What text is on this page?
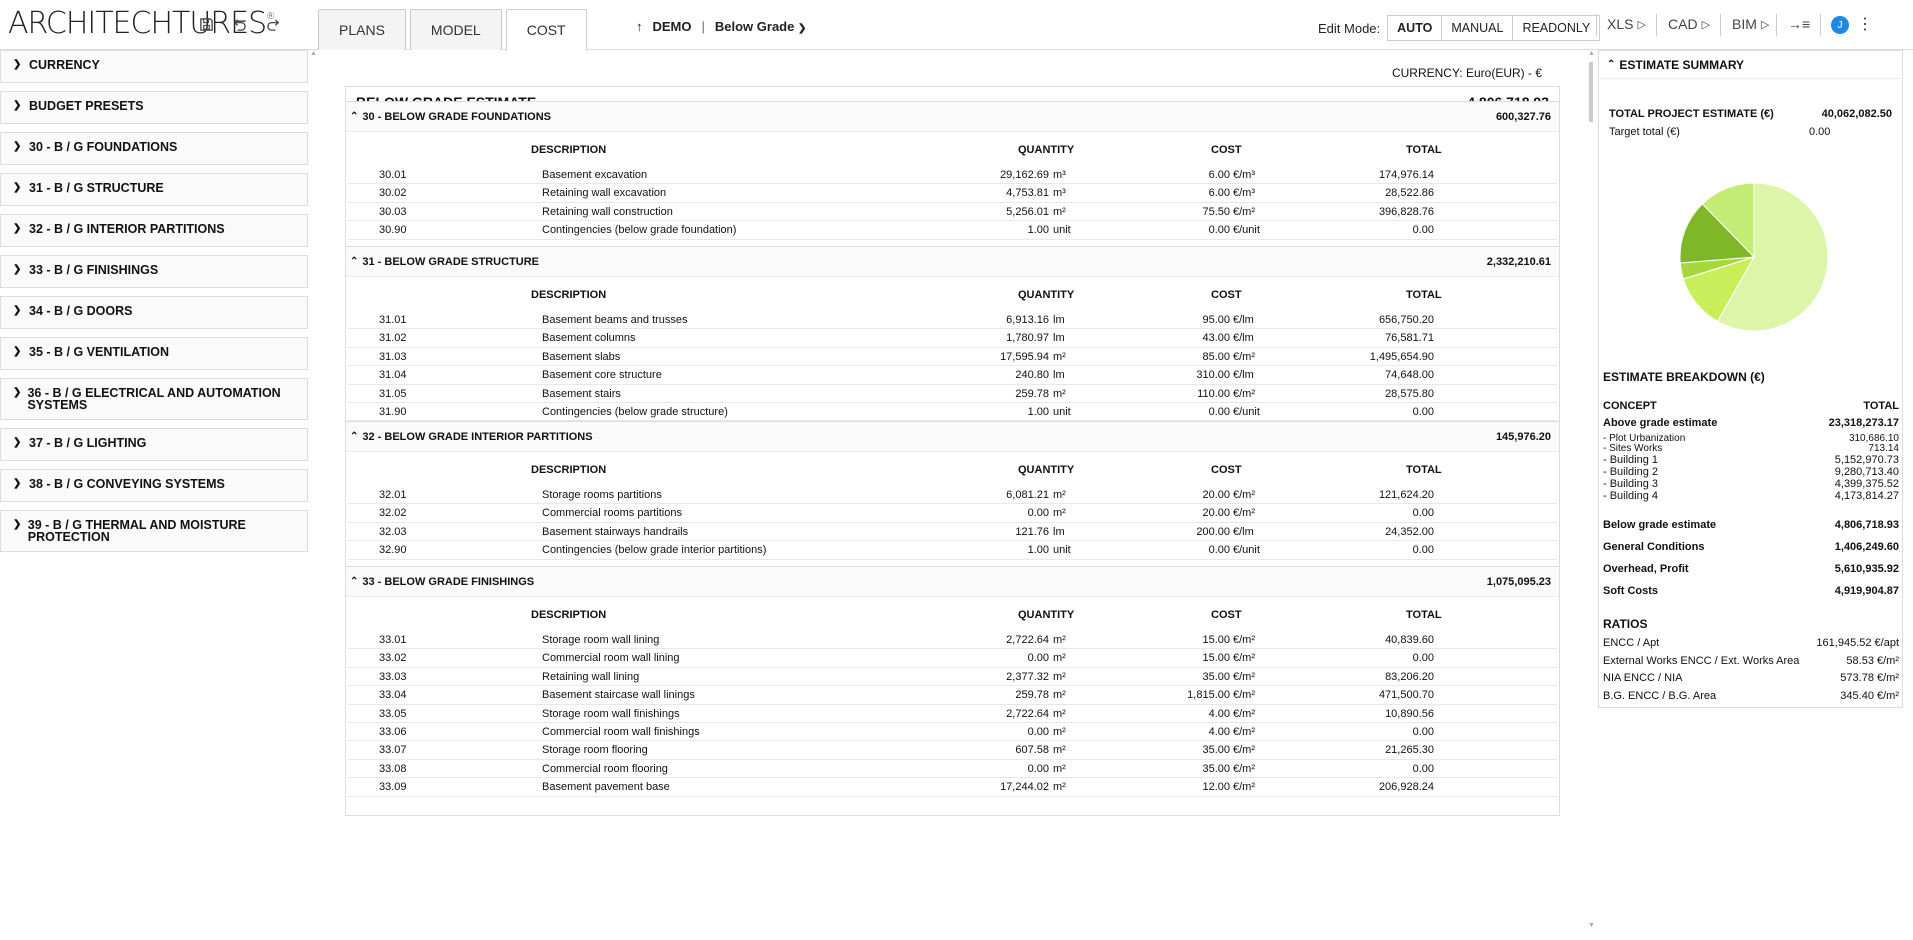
ARCHITECHTURES®
PLANS	MODEL	COST	↑ DEMO | Below Grade ❯	Edit Mode:	AUTO	MANUAL	READONLY	XLS ▷ CAD ▷ BIM ▷ →≡	J ⋮
❯ CURRENCY
❯ BUDGET PRESETS
❯ 30 - B / G FOUNDATIONS
❯ 31 - B / G STRUCTURE
❯ 32 - B / G INTERIOR PARTITIONS
❯ 33 - B / G FINISHINGS
❯ 34 - B / G DOORS
❯ 35 - B / G VENTILATION
❯ 36 - B / G ELECTRICAL AND AUTOMATION SYSTEMS
❯ 37 - B / G LIGHTING
❯ 38 - B / G CONVEYING SYSTEMS
❯ 39 - B / G THERMAL AND MOISTURE PROTECTION
▲
CURRENCY: Euro(EUR) - €
⌃ 30 - BELOW GRADE FOUNDATIONS	600,327.76
DESCRIPTION	QUANTITY	COST	TOTAL
30.01	Basement excavation	29,162.69 m³	6.00 €/m³	174,976.14
30.02	Retaining wall excavation	4,753.81 m³	6.00 €/m³	28,522.86
30.03	Retaining wall construction	5,256.01 m²	75.50 €/m²	396,828.76
30.90	Contingencies (below grade foundation)	1.00 unit	0.00 €/unit	0.00
⌃ 31 - BELOW GRADE STRUCTURE	2,332,210.61
DESCRIPTION	QUANTITY	COST	TOTAL
31.01	Basement beams and trusses	6,913.16 lm	95.00 €/lm	656,750.20
31.02	Basement columns	1,780.97 lm	43.00 €/lm	76,581.71
31.03	Basement slabs	17,595.94 m²	85.00 €/m²	1,495,654.90
31.04	Basement core structure	240.80 lm	310.00 €/lm	74,648.00
31.05	Basement stairs	259.78 m²	110.00 €/m²	28,575.80
31.90	Contingencies (below grade structure)	1.00 unit	0.00 €/unit	0.00
⌃ 32 - BELOW GRADE INTERIOR PARTITIONS	145,976.20
DESCRIPTION	QUANTITY	COST	TOTAL
32.01	Storage rooms partitions	6,081.21 m²	20.00 €/m²	121,624.20
32.02	Commercial rooms partitions	0.00 m²	20.00 €/m²	0.00
32.03	Basement stairways handrails	121.76 lm	200.00 €/lm	24,352.00
32.90	Contingencies (below grade interior partitions)	1.00 unit	0.00 €/unit	0.00
⌃ 33 - BELOW GRADE FINISHINGS	1,075,095.23
DESCRIPTION	QUANTITY	COST	TOTAL
33.01	Storage room wall lining	2,722.64 m²	15.00 €/m²	40,839.60
33.02	Commercial room wall lining	0.00 m²	15.00 €/m²	0.00
33.03	Retaining wall lining	2,377.32 m²	35.00 €/m²	83,206.20
33.04	Basement staircase wall linings	259.78 m²	1,815.00 €/m²	471,500.70
33.05	Storage room wall finishings	2,722.64 m²	4.00 €/m²	10,890.56
33.06	Commercial room wall finishings	0.00 m²	4.00 €/m²	0.00
33.07	Storage room flooring	607.58 m²	35.00 €/m²	21,265.30
33.08	Commercial room flooring	0.00 m²	35.00 €/m²	0.00
33.09	Basement pavement base	17,244.02 m²	12.00 €/m²	206,928.24
▲
▼
⌃ ESTIMATE SUMMARY
TOTAL PROJECT ESTIMATE (€)	40,062,082.50
Target total (€)	0.00
ESTIMATE BREAKDOWN (€)
CONCEPT	TOTAL
Above grade estimate	23,318,273.17
- Plot Urbanization	310,686.10
- Sites Works	713.14
- Building 1	5,152,970.73
- Building 2	9,280,713.40
- Building 3	4,399,375.52
- Building 4	4,173,814.27
Below grade estimate	4,806,718.93
General Conditions	1,406,249.60
Overhead, Profit	5,610,935.92
Soft Costs	4,919,904.87
RATIOS
ENCC / Apt	161,945.52 €/apt
External Works ENCC / Ext. Works Area	58.53 €/m²
NIA ENCC / NIA	573.78 €/m²
B.G. ENCC / B.G. Area	345.40 €/m²
